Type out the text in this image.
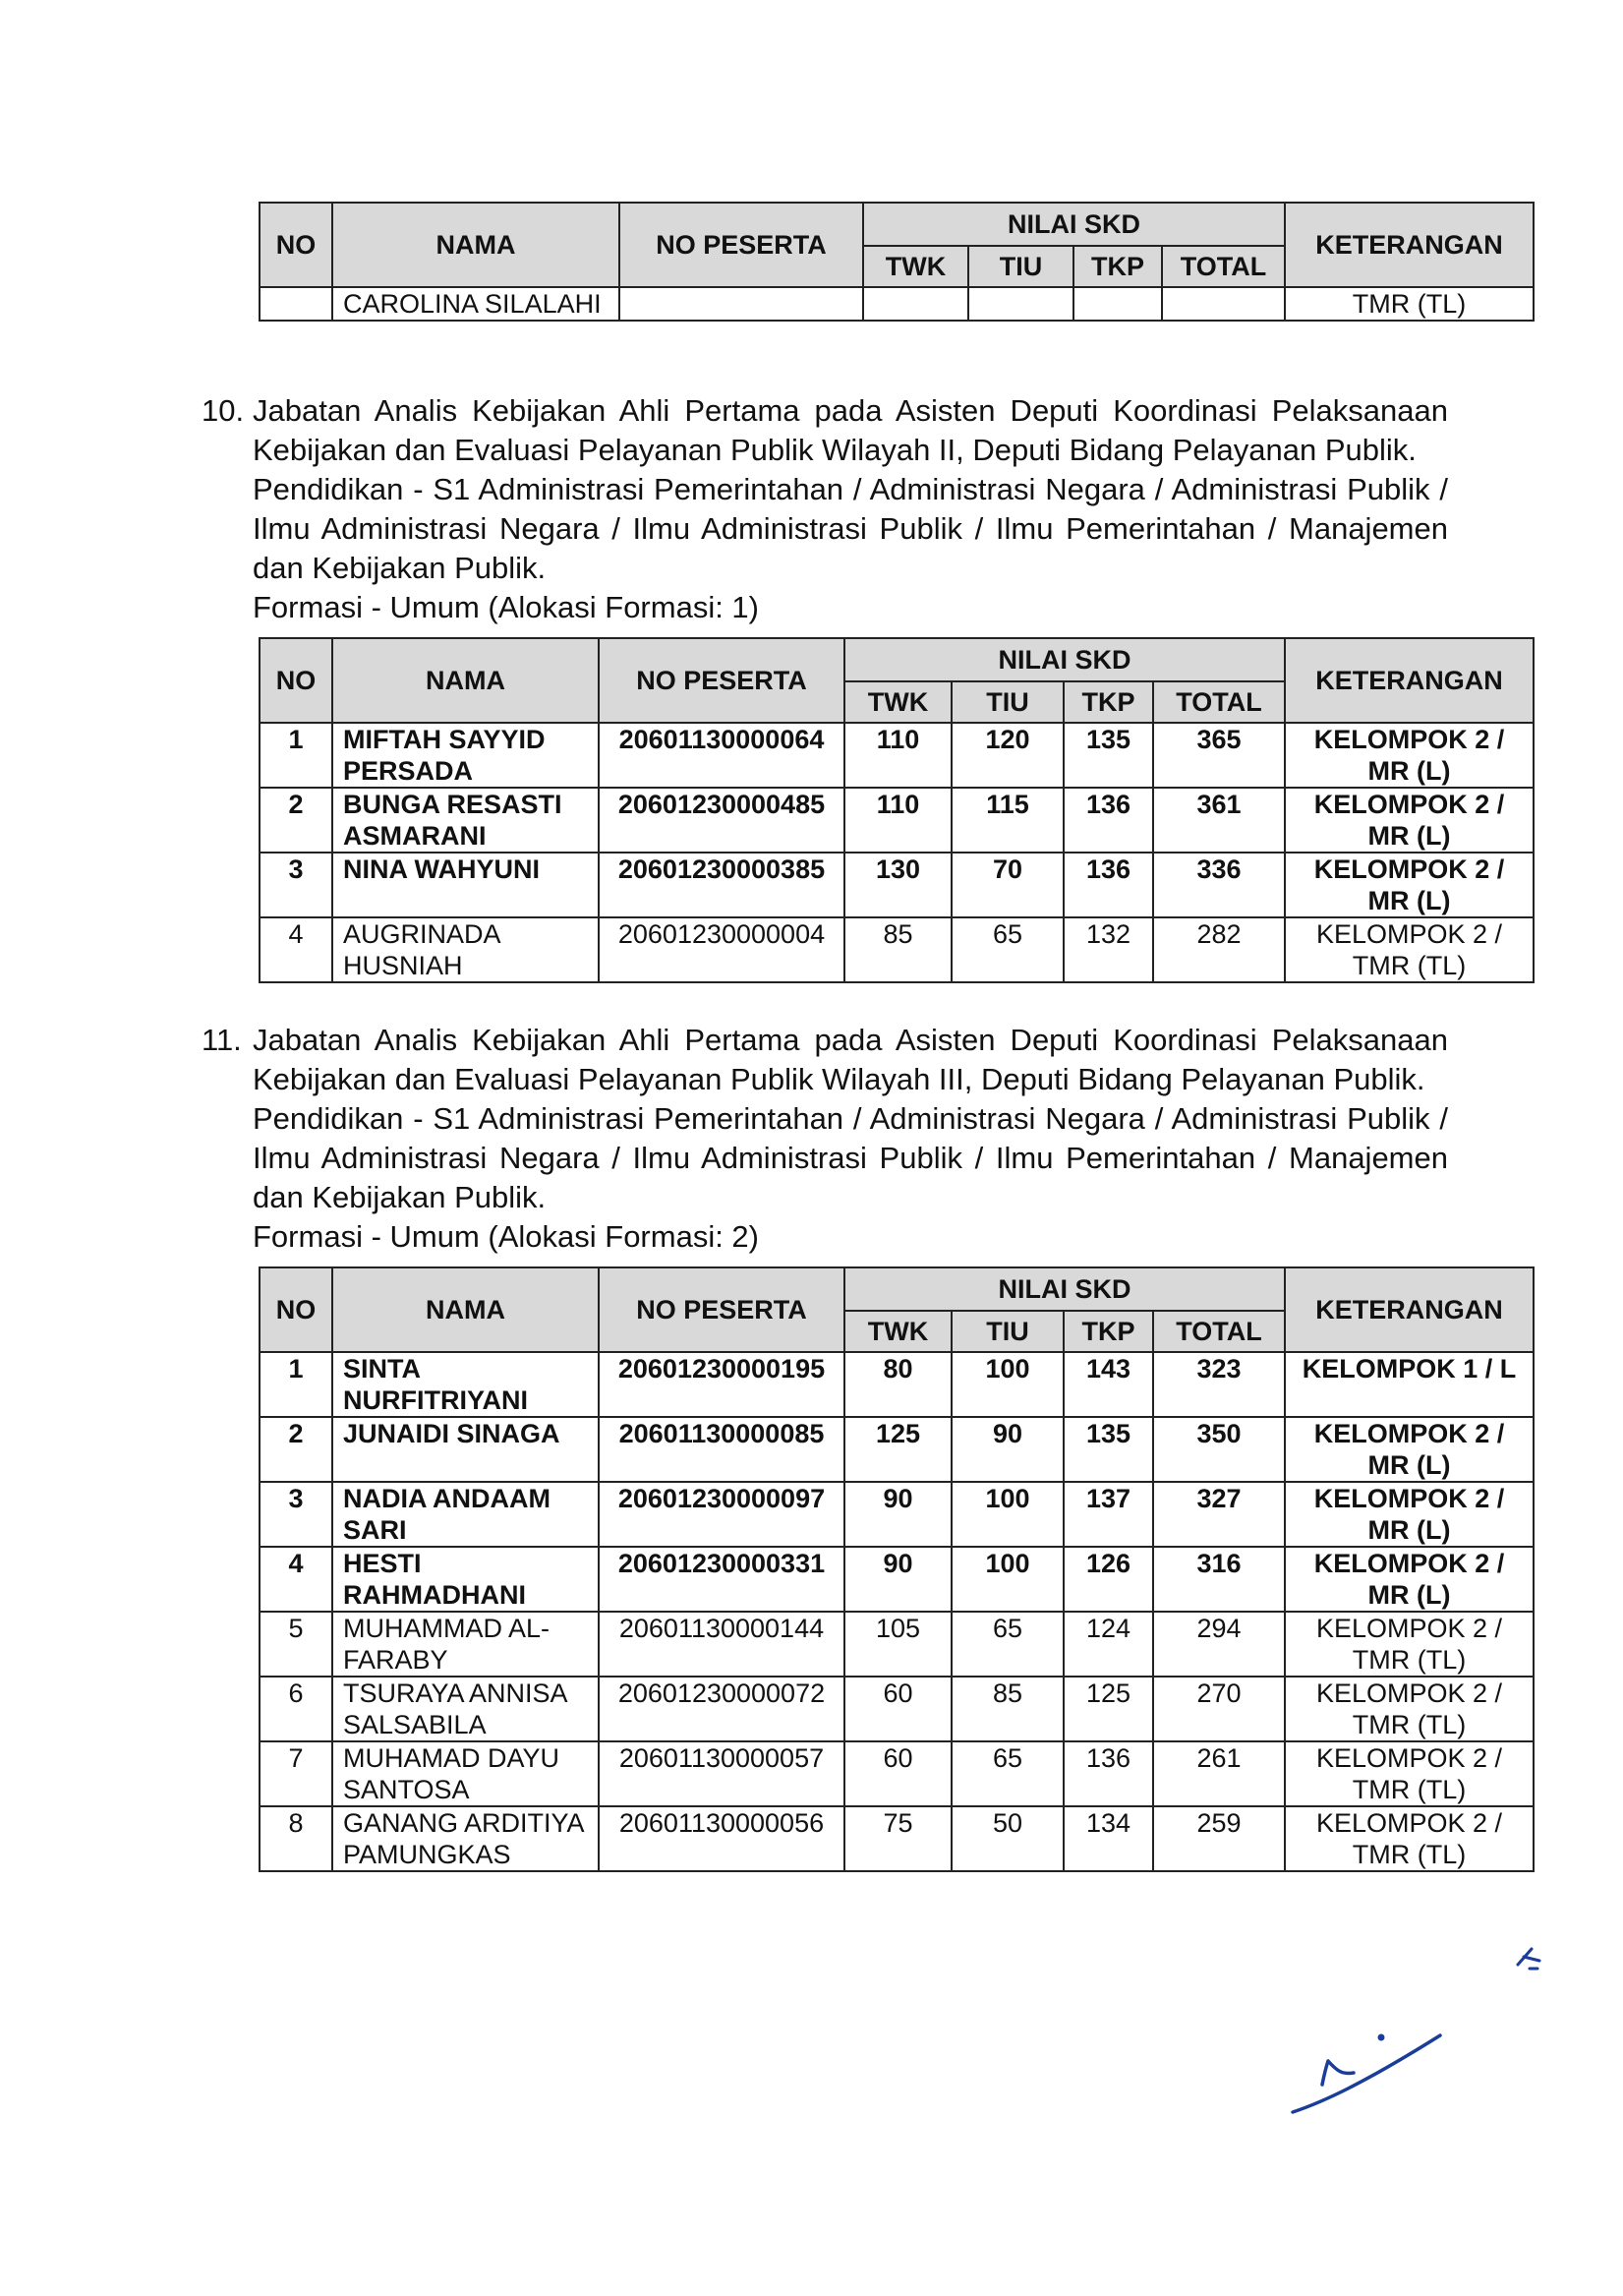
NO	NAMA	NO PESERTA	NILAI SKD				KETERANGAN
			TWK	TIU	TKP	TOTAL	
	CAROLINA SILALAHI						TMR (TL)
10. Jabatan Analis Kebijakan Ahli Pertama pada Asisten Deputi Koordinasi Pelaksanaan Kebijakan dan Evaluasi Pelayanan Publik Wilayah II, Deputi Bidang Pelayanan Publik.
Pendidikan - S1 Administrasi Pemerintahan / Administrasi Negara / Administrasi Publik / Ilmu Administrasi Negara / Ilmu Administrasi Publik / Ilmu Pemerintahan / Manajemen dan Kebijakan Publik.
Formasi - Umum (Alokasi Formasi: 1)
NO	NAMA	NO PESERTA	NILAI SKD				KETERANGAN
			TWK	TIU	TKP	TOTAL	
1	MIFTAH SAYYID PERSADA	20601130000064	110	120	135	365	KELOMPOK 2 / MR (L)
2	BUNGA RESASTI ASMARANI	20601230000485	110	115	136	361	KELOMPOK 2 / MR (L)
3	NINA WAHYUNI	20601230000385	130	70	136	336	KELOMPOK 2 / MR (L)
4	AUGRINADA HUSNIAH	20601230000004	85	65	132	282	KELOMPOK 2 / TMR (TL)
11. Jabatan Analis Kebijakan Ahli Pertama pada Asisten Deputi Koordinasi Pelaksanaan Kebijakan dan Evaluasi Pelayanan Publik Wilayah III, Deputi Bidang Pelayanan Publik.
Pendidikan - S1 Administrasi Pemerintahan / Administrasi Negara / Administrasi Publik / Ilmu Administrasi Negara / Ilmu Administrasi Publik / Ilmu Pemerintahan / Manajemen dan Kebijakan Publik.
Formasi - Umum (Alokasi Formasi: 2)
NO	NAMA	NO PESERTA	NILAI SKD				KETERANGAN
			TWK	TIU	TKP	TOTAL	
1	SINTA NURFITRIYANI	20601230000195	80	100	143	323	KELOMPOK 1 / L
2	JUNAIDI SINAGA	20601130000085	125	90	135	350	KELOMPOK 2 / MR (L)
3	NADIA ANDAAM SARI	20601230000097	90	100	137	327	KELOMPOK 2 / MR (L)
4	HESTI RAHMADHANI	20601230000331	90	100	126	316	KELOMPOK 2 / MR (L)
5	MUHAMMAD AL-FARABY	20601130000144	105	65	124	294	KELOMPOK 2 / TMR (TL)
6	TSURAYA ANNISA SALSABILA	20601230000072	60	85	125	270	KELOMPOK 2 / TMR (TL)
7	MUHAMAD DAYU SANTOSA	20601130000057	60	65	136	261	KELOMPOK 2 / TMR (TL)
8	GANANG ARDITIYA PAMUNGKAS	20601130000056	75	50	134	259	KELOMPOK 2 / TMR (TL)
